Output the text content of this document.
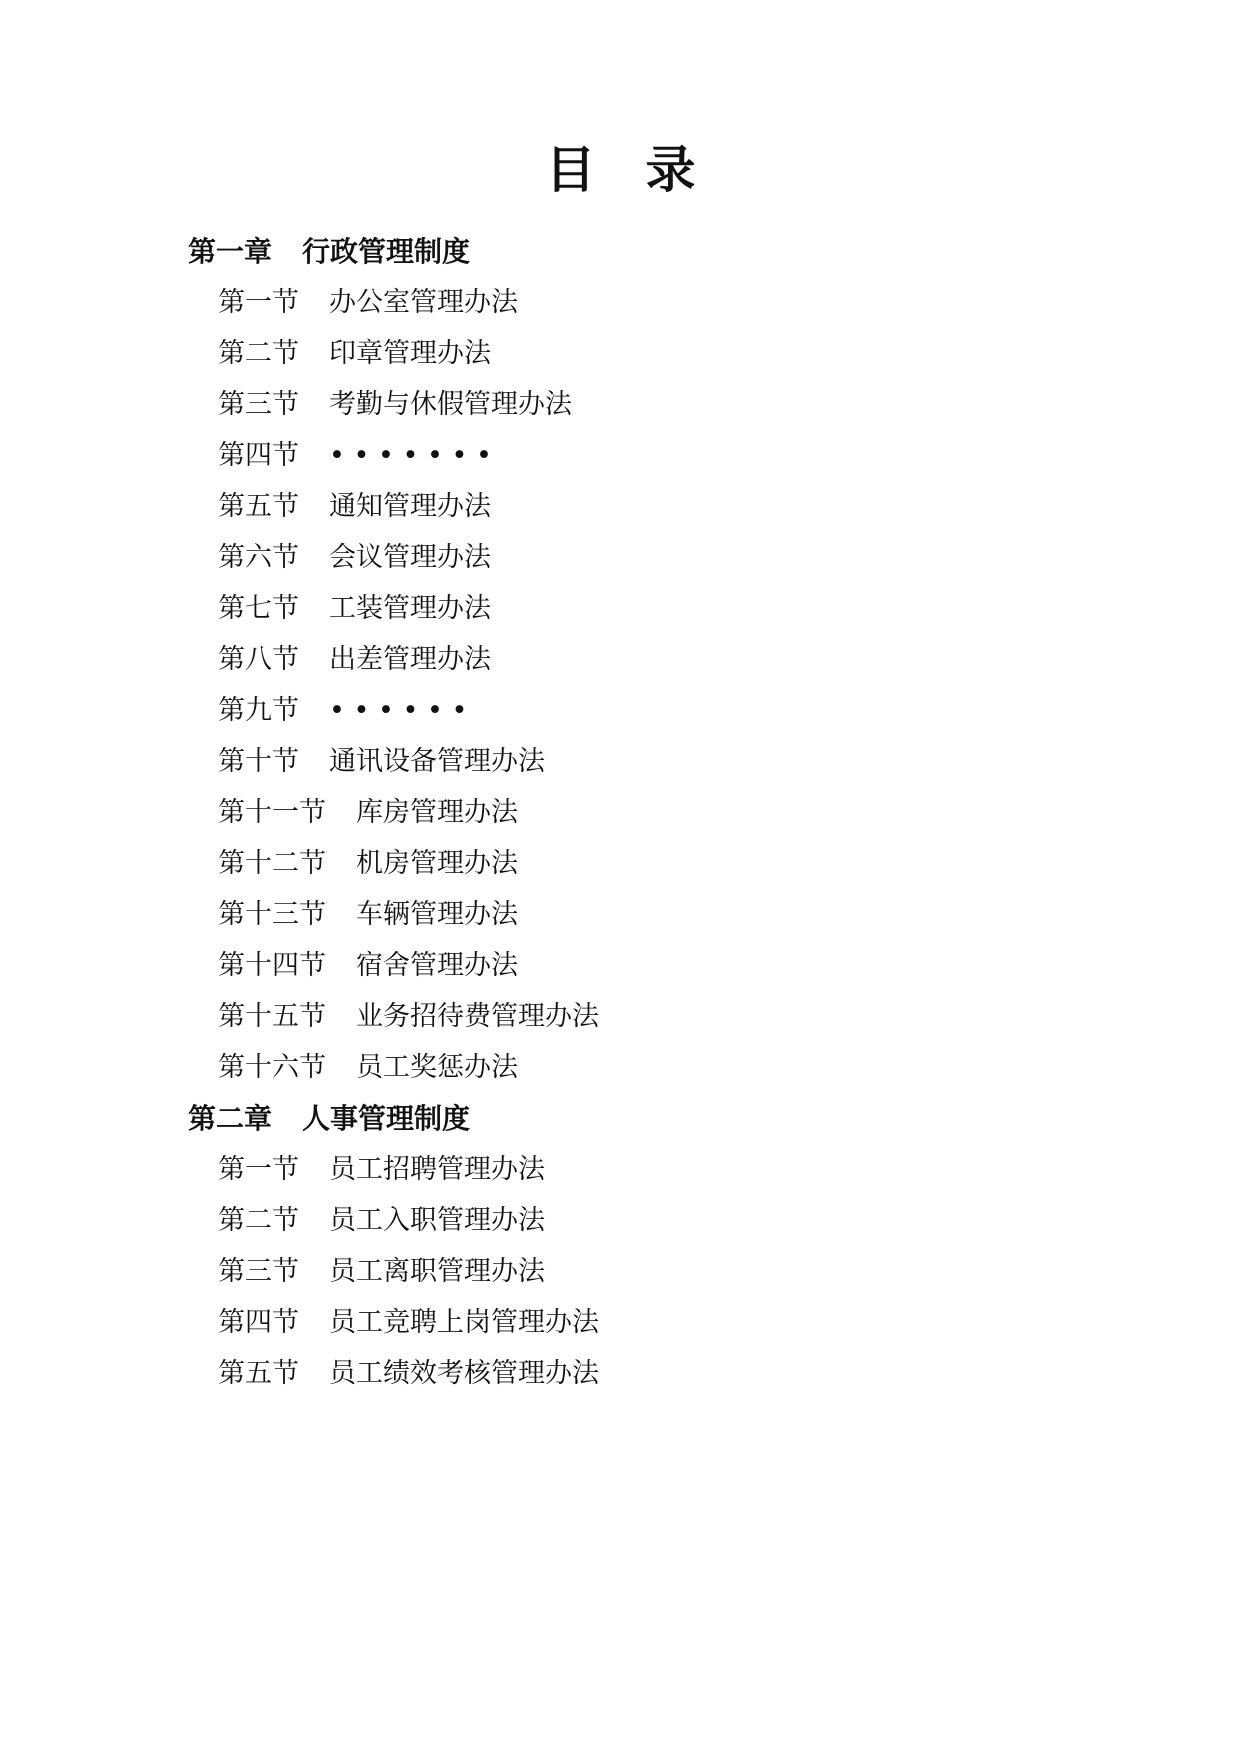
目 录
第一章 行政管理制度
第一节 办公室管理办法
第二节 印章管理办法
第三节 考勤与休假管理办法
第四节 • • • • • • •
第五节 通知管理办法
第六节 会议管理办法
第七节 工装管理办法
第八节 出差管理办法
第九节 • • • • • •
第十节 通讯设备管理办法
第十一节 库房管理办法
第十二节 机房管理办法
第十三节 车辆管理办法
第十四节 宿舍管理办法
第十五节 业务招待费管理办法
第十六节 员工奖惩办法
第二章 人事管理制度
第一节 员工招聘管理办法
第二节 员工入职管理办法
第三节 员工离职管理办法
第四节 员工竞聘上岗管理办法
第五节 员工绩效考核管理办法
